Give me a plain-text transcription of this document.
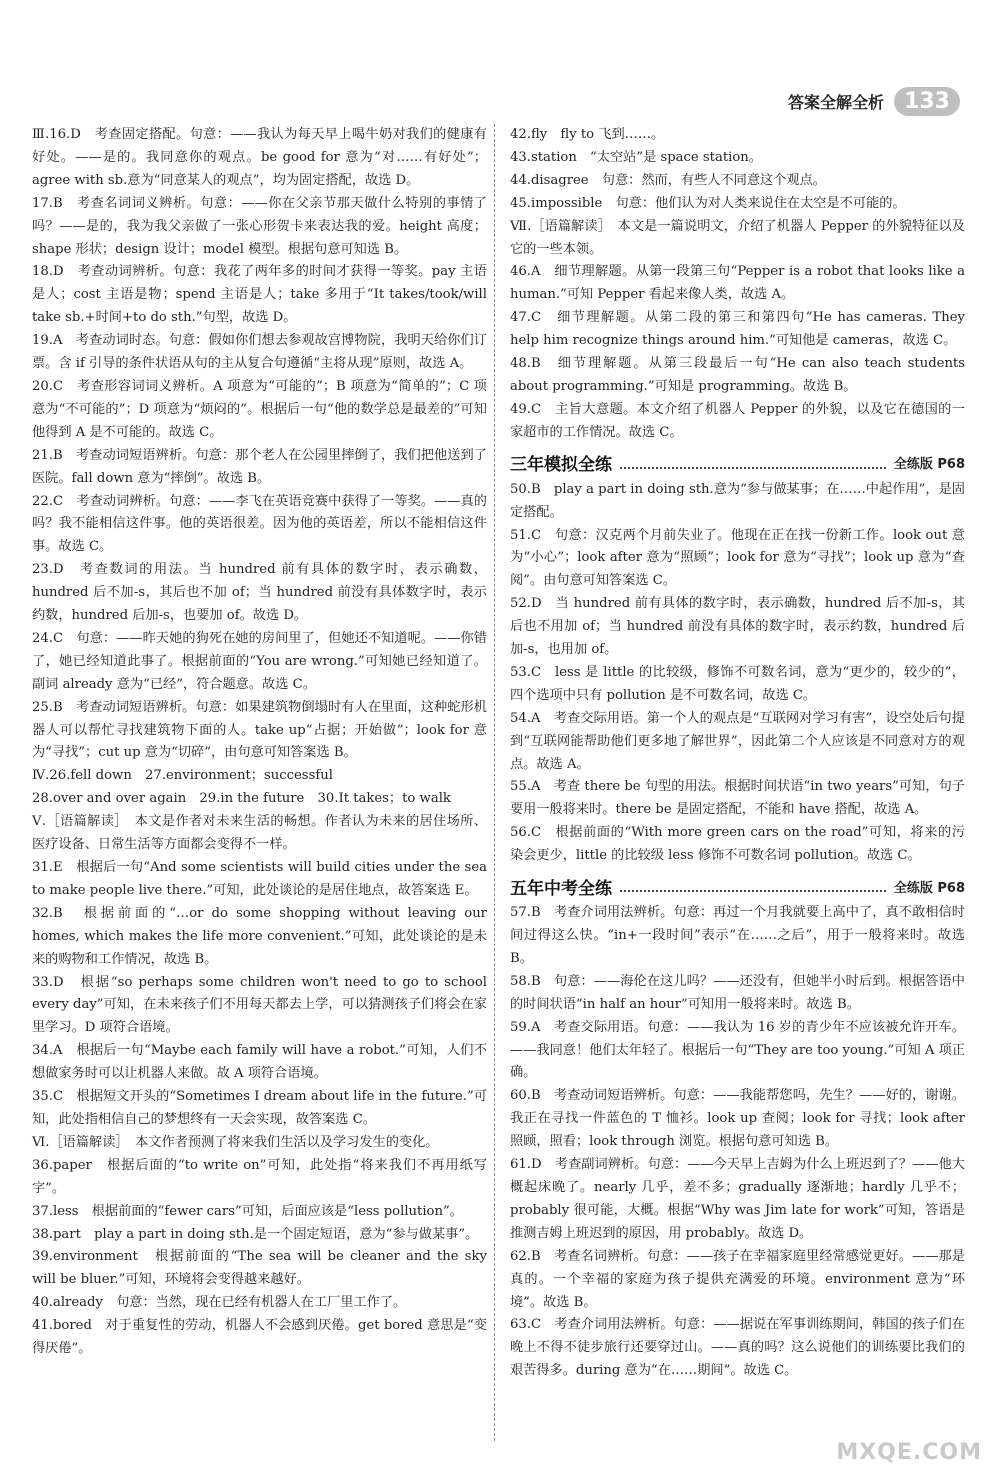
答案全解全析 133

Ⅲ.16.D　考查固定搭配。句意：——我认为每天早上喝牛奶对我们的健康有好处。——是的。我同意你的观点。be good for 意为“对……有好处”；agree with sb.意为“同意某人的观点”，均为固定搭配，故选 D。

17.B　考查名词词义辨析。句意：——你在父亲节那天做什么特别的事情了吗？——是的，我为我父亲做了一张心形贺卡来表达我的爱。height 高度；shape 形状；design 设计；model 模型。根据句意可知选 B。

18.D　考查动词辨析。句意：我花了两年多的时间才获得一等奖。pay 主语是人；cost 主语是物；spend 主语是人；take 多用于“It takes/took/will take sb.+时间+to do sth.”句型，故选 D。

19.A　考查动词时态。句意：假如你们想去参观故宫博物院，我明天给你们订票。含 if 引导的条件状语从句的主从复合句遵循“主将从现”原则，故选 A。

20.C　考查形容词词义辨析。A 项意为“可能的”；B 项意为“简单的”；C 项意为“不可能的”；D 项意为“烦闷的”。根据后一句“他的数学总是最差的”可知他得到 A 是不可能的。故选 C。

21.B　考查动词短语辨析。句意：那个老人在公园里摔倒了，我们把他送到了医院。fall down 意为“摔倒”。故选 B。

22.C　考查动词辨析。句意：——李飞在英语竞赛中获得了一等奖。——真的吗？我不能相信这件事。他的英语很差。因为他的英语差，所以不能相信这件事。故选 C。

23.D　考查数词的用法。当 hundred 前有具体的数字时，表示确数，hundred 后不加-s，其后也不加 of；当 hundred 前没有具体数字时，表示约数，hundred 后加-s，也要加 of。故选 D。

24.C　句意：——昨天她的狗死在她的房间里了，但她还不知道呢。——你错了，她已经知道此事了。根据前面的“You are wrong.”可知她已经知道了。副词 already 意为“已经”，符合题意。故选 C。

25.B　考查动词短语辨析。句意：如果建筑物倒塌时有人在里面，这种蛇形机器人可以帮忙寻找建筑物下面的人。take up“占据；开始做”；look for 意为“寻找”；cut up 意为“切碎”，由句意可知答案选 B。

Ⅳ.26.fell down　27.environment；successful

28.over and over again　29.in the future　30.It takes；to walk

Ⅴ.［语篇解读］　本文是作者对未来生活的畅想。作者认为未来的居住场所、医疗设备、日常生活等方面都会变得不一样。

31.E　根据后一句“And some scientists will build cities under the sea to make people live there.”可知，此处谈论的是居住地点，故答案选 E。

32.B　根据前面的“…or do some shopping without leaving our homes, which makes the life more convenient.”可知，此处谈论的是未来的购物和工作情况，故选 B。

33.D　根据“so perhaps some children won't need to go to school every day”可知，在未来孩子们不用每天都去上学，可以猜测孩子们将会在家里学习。D 项符合语境。

34.A　根据后一句“Maybe each family will have a robot.”可知，人们不想做家务时可以让机器人来做。故 A 项符合语境。

35.C　根据短文开头的“Sometimes I dream about life in the future.”可知，此处指相信自己的梦想终有一天会实现，故答案选 C。

Ⅵ.［语篇解读］　本文作者预测了将来我们生活以及学习发生的变化。

36.paper　根据后面的“to write on”可知，此处指“将来我们不再用纸写字”。

37.less　根据前面的“fewer cars”可知，后面应该是“less pollution”。

38.part　play a part in doing sth.是一个固定短语，意为“参与做某事”。

39.environment　根据前面的“The sea will be cleaner and the sky will be bluer.”可知，环境将会变得越来越好。

40.already　句意：当然，现在已经有机器人在工厂里工作了。

41.bored　对于重复性的劳动，机器人不会感到厌倦。get bored 意思是“变得厌倦”。

42.fly　fly to 飞到……。

43.station　“太空站”是 space station。

44.disagree　句意：然而，有些人不同意这个观点。

45.impossible　句意：他们认为对人类来说住在太空是不可能的。

Ⅶ.［语篇解读］　本文是一篇说明文，介绍了机器人 Pepper 的外貌特征以及它的一些本领。

46.A　细节理解题。从第一段第三句“Pepper is a robot that looks like a human.”可知 Pepper 看起来像人类，故选 A。

47.C　细节理解题。从第二段的第三和第四句“He has cameras. They help him recognize things around him.”可知他是 cameras，故选 C。

48.B　细节理解题。从第三段最后一句“He can also teach students about programming.”可知是 programming。故选 B。

49.C　主旨大意题。本文介绍了机器人 Pepper 的外貌，以及它在德国的一家超市的工作情况。故选 C。

三年模拟全练	全练版 P68

50.B　play a part in doing sth.意为“参与做某事；在……中起作用”，是固定搭配。

51.C　句意：汉克两个月前失业了。他现在正在找一份新工作。look out 意为“小心”；look after 意为“照顾”；look for 意为“寻找”；look up 意为“查阅”。由句意可知答案选 C。

52.D　当 hundred 前有具体的数字时，表示确数，hundred 后不加-s，其后也不用加 of；当 hundred 前没有具体的数字时，表示约数，hundred 后加-s，也用加 of。

53.C　less 是 little 的比较级，修饰不可数名词，意为“更少的，较少的”，四个选项中只有 pollution 是不可数名词，故选 C。

54.A　考查交际用语。第一个人的观点是“互联网对学习有害”，设空处后句提到“互联网能帮助他们更多地了解世界”，因此第二个人应该是不同意对方的观点。故选 A。

55.A　考查 there be 句型的用法。根据时间状语“in two years”可知，句子要用一般将来时。there be 是固定搭配，不能和 have 搭配，故选 A。

56.C　根据前面的“With more green cars on the road”可知，将来的污染会更少，little 的比较级 less 修饰不可数名词 pollution。故选 C。

五年中考全练	全练版 P68

57.B　考查介词用法辨析。句意：再过一个月我就要上高中了，真不敢相信时间过得这么快。“in+一段时间”表示“在……之后”，用于一般将来时。故选 B。

58.B　句意：——海伦在这儿吗？——还没有，但她半小时后到。根据答语中的时间状语“in half an hour”可知用一般将来时。故选 B。

59.A　考查交际用语。句意：——我认为 16 岁的青少年不应该被允许开车。——我同意！他们太年轻了。根据后一句“They are too young.”可知 A 项正确。

60.B　考查动词短语辨析。句意：——我能帮您吗，先生？——好的，谢谢。我正在寻找一件蓝色的 T 恤衫。look up 查阅；look for 寻找；look after 照顾，照看；look through 浏览。根据句意可知选 B。

61.D　考查副词辨析。句意：——今天早上吉姆为什么上班迟到了？——他大概起床晚了。nearly 几乎，差不多；gradually 逐渐地；hardly 几乎不；probably 很可能，大概。根据“Why was Jim late for work”可知，答语是推测吉姆上班迟到的原因，用 probably。故选 D。

62.B　考查名词辨析。句意：——孩子在幸福家庭里经常感觉更好。——那是真的。一个幸福的家庭为孩子提供充满爱的环境。environment 意为“环境”。故选 B。

63.C　考查介词用法辨析。句意：——据说在军事训练期间，韩国的孩子们在晚上不得不徒步旅行还要穿过山。——真的吗？这么说他们的训练要比我们的艰苦得多。during 意为“在……期间”。故选 C。

MXQE.COM
